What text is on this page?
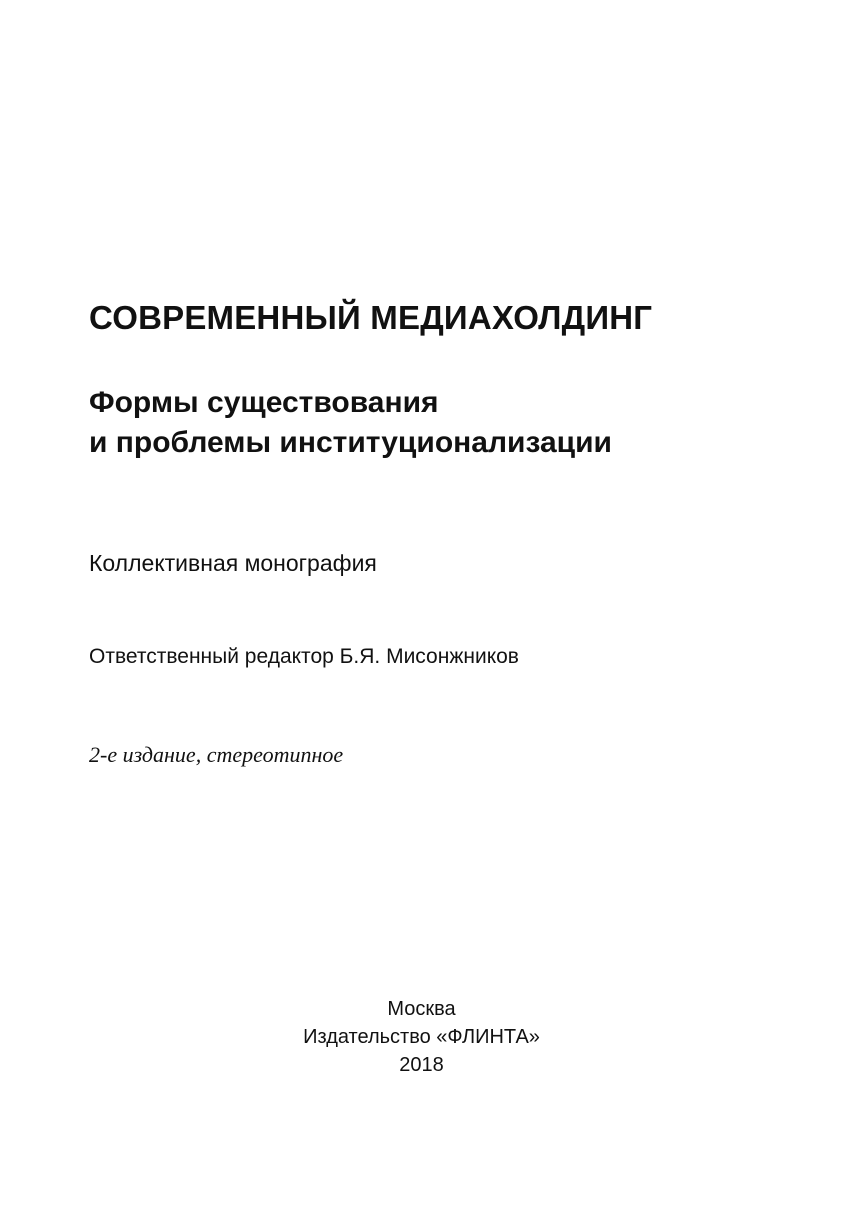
СОВРЕМЕННЫЙ МЕДИАХОЛДИНГ
Формы существования
и проблемы институционализации
Коллективная монография
Ответственный редактор Б.Я. Мисонжников
2-е издание, стереотипное
Москва
Издательство «ФЛИНТА»
2018
